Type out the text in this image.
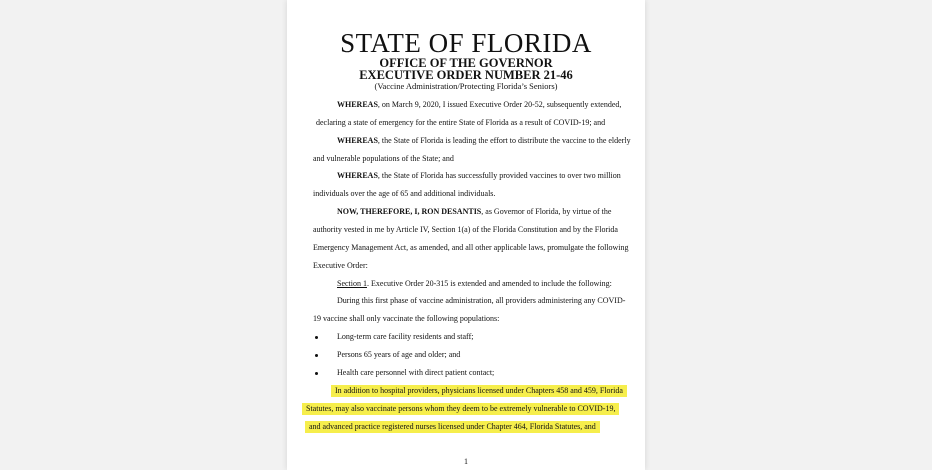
STATE OF FLORIDA
OFFICE OF THE GOVERNOR
EXECUTIVE ORDER NUMBER 21-46
(Vaccine Administration/Protecting Florida’s Seniors)
WHEREAS, on March 9, 2020, I issued Executive Order 20-52, subsequently extended,
declaring a state of emergency for the entire State of Florida as a result of COVID-19; and
WHEREAS, the State of Florida is leading the effort to distribute the vaccine to the elderly
and vulnerable populations of the State; and
WHEREAS, the State of Florida has successfully provided vaccines to over two million
individuals over the age of 65 and additional individuals.
NOW, THEREFORE, I, RON DESANTIS, as Governor of Florida, by virtue of the
authority vested in me by Article IV, Section 1(a) of the Florida Constitution and by the Florida
Emergency Management Act, as amended, and all other applicable laws, promulgate the following
Executive Order:
Section 1. Executive Order 20-315 is extended and amended to include the following:
During this first phase of vaccine administration, all providers administering any COVID-
19 vaccine shall only vaccinate the following populations:
Long-term care facility residents and staff;
Persons 65 years of age and older; and
Health care personnel with direct patient contact;
In addition to hospital providers, physicians licensed under Chapters 458 and 459, Florida
Statutes, may also vaccinate persons whom they deem to be extremely vulnerable to COVID-19,
and advanced practice registered nurses licensed under Chapter 464, Florida Statutes, and
1
